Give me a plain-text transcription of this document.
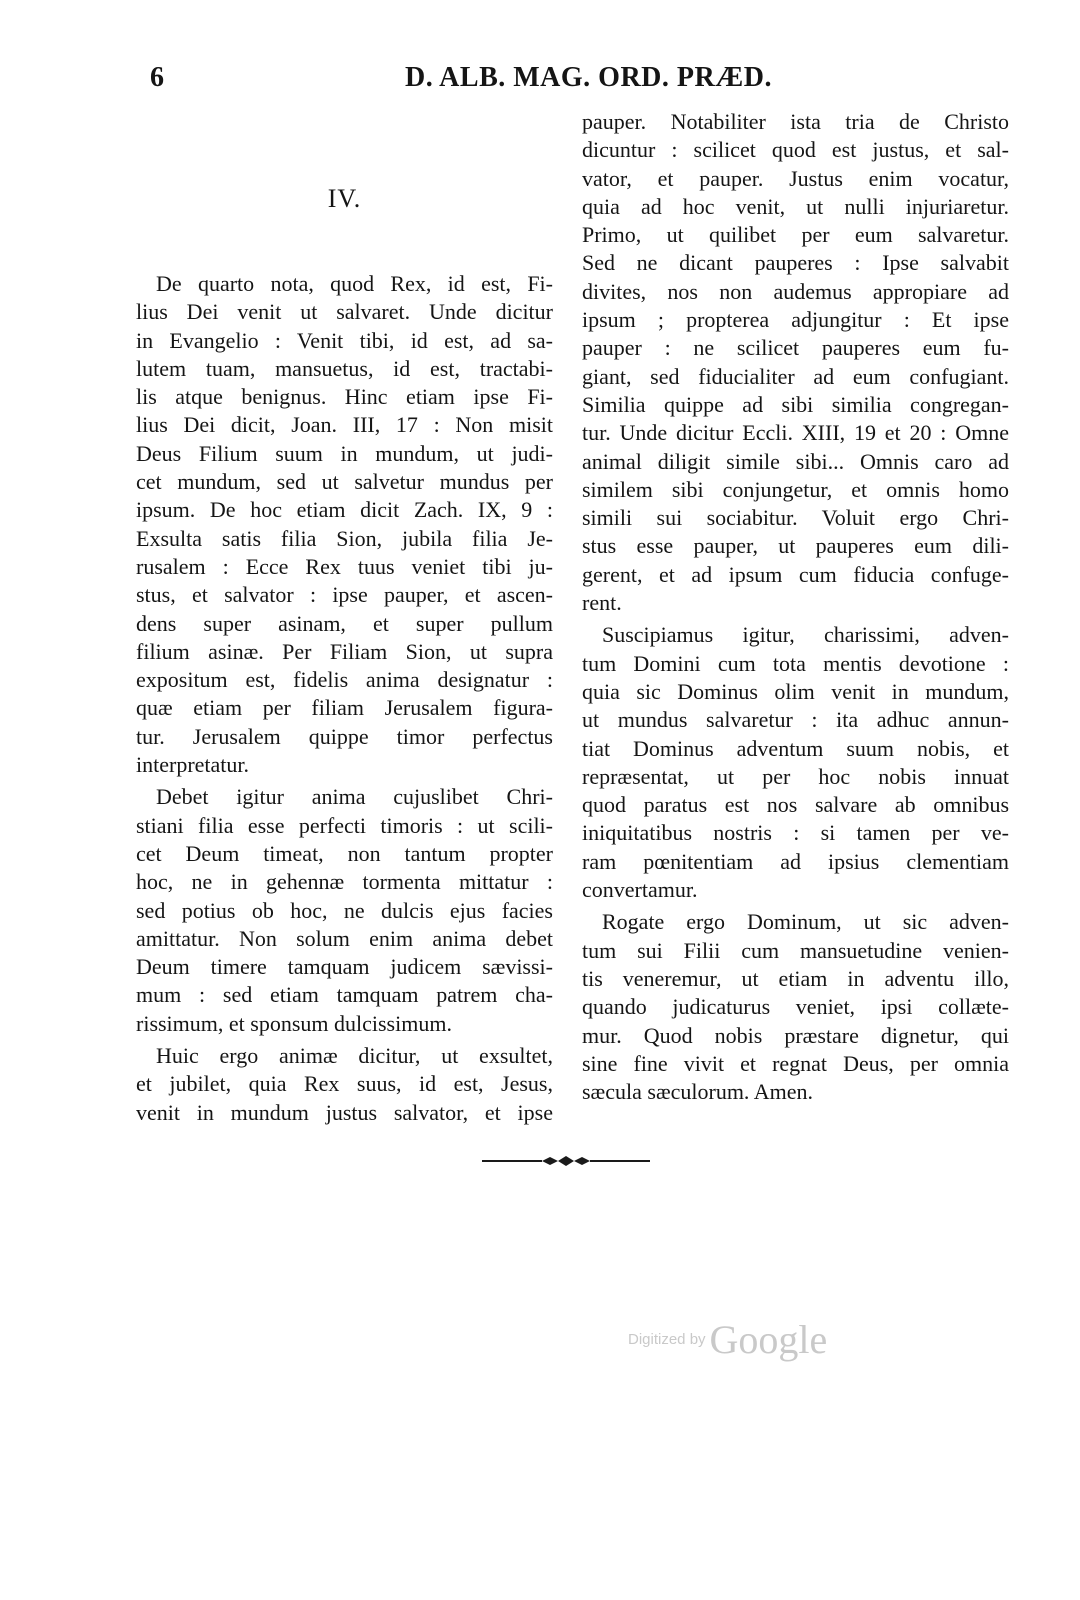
6	D. ALB. MAG. ORD. PRÆD.
IV.
De quarto nota, quod Rex, id est, Fi-
lius Dei venit ut salvaret. Unde dicitur
in Evangelio : Venit tibi, id est, ad sa-
lutem tuam, mansuetus, id est, tractabi-
lis atque benignus. Hinc etiam ipse Fi-
lius Dei dicit, Joan. III, 17 : Non misit
Deus Filium suum in mundum, ut judi-
cet mundum, sed ut salvetur mundus per
ipsum. De hoc etiam dicit Zach. IX, 9 :
Exsulta satis filia Sion, jubila filia Je-
rusalem : Ecce Rex tuus veniet tibi ju-
stus, et salvator : ipse pauper, et ascen-
dens super asinam, et super pullum
filium asinæ. Per Filiam Sion, ut supra
expositum est, fidelis anima designatur :
quæ etiam per filiam Jerusalem figura-
tur. Jerusalem quippe timor perfectus
interpretatur.
Debet igitur anima cujuslibet Chri-
stiani filia esse perfecti timoris : ut scili-
cet Deum timeat, non tantum propter
hoc, ne in gehennæ tormenta mittatur :
sed potius ob hoc, ne dulcis ejus facies
amittatur. Non solum enim anima debet
Deum timere tamquam judicem sævissi-
mum : sed etiam tamquam patrem cha-
rissimum, et sponsum dulcissimum.
Huic ergo animæ dicitur, ut exsultet,
et jubilet, quia Rex suus, id est, Jesus,
venit in mundum justus salvator, et ipse
pauper. Notabiliter ista tria de Christo
dicuntur : scilicet quod est justus, et sal-
vator, et pauper. Justus enim vocatur,
quia ad hoc venit, ut nulli injuriaretur.
Primo, ut quilibet per eum salvaretur.
Sed ne dicant pauperes : Ipse salvabit
divites, nos non audemus appropiare ad
ipsum ; propterea adjungitur : Et ipse
pauper : ne scilicet pauperes eum fu-
giant, sed fiducialiter ad eum confugiant.
Similia quippe ad sibi similia congregan-
tur. Unde dicitur Eccli. XIII, 19 et 20 : Omne
animal diligit simile sibi... Omnis caro ad
similem sibi conjungetur, et omnis homo
simili sui sociabitur. Voluit ergo Chri-
stus esse pauper, ut pauperes eum dili-
gerent, et ad ipsum cum fiducia confuge-
rent.
Suscipiamus igitur, charissimi, adven-
tum Domini cum tota mentis devotione :
quia sic Dominus olim venit in mundum,
ut mundus salvaretur : ita adhuc annun-
tiat Dominus adventum suum nobis, et
repræsentat, ut per hoc nobis innuat
quod paratus est nos salvare ab omnibus
iniquitatibus nostris : si tamen per ve-
ram pœnitentiam ad ipsius clementiam
convertamur.
Rogate ergo Dominum, ut sic adven-
tum sui Filii cum mansuetudine venien-
tis veneremur, ut etiam in adventu illo,
quando judicaturus veniet, ipsi collæte-
mur. Quod nobis præstare dignetur, qui
sine fine vivit et regnat Deus, per omnia
sæcula sæculorum. Amen.
Digitized by Google
